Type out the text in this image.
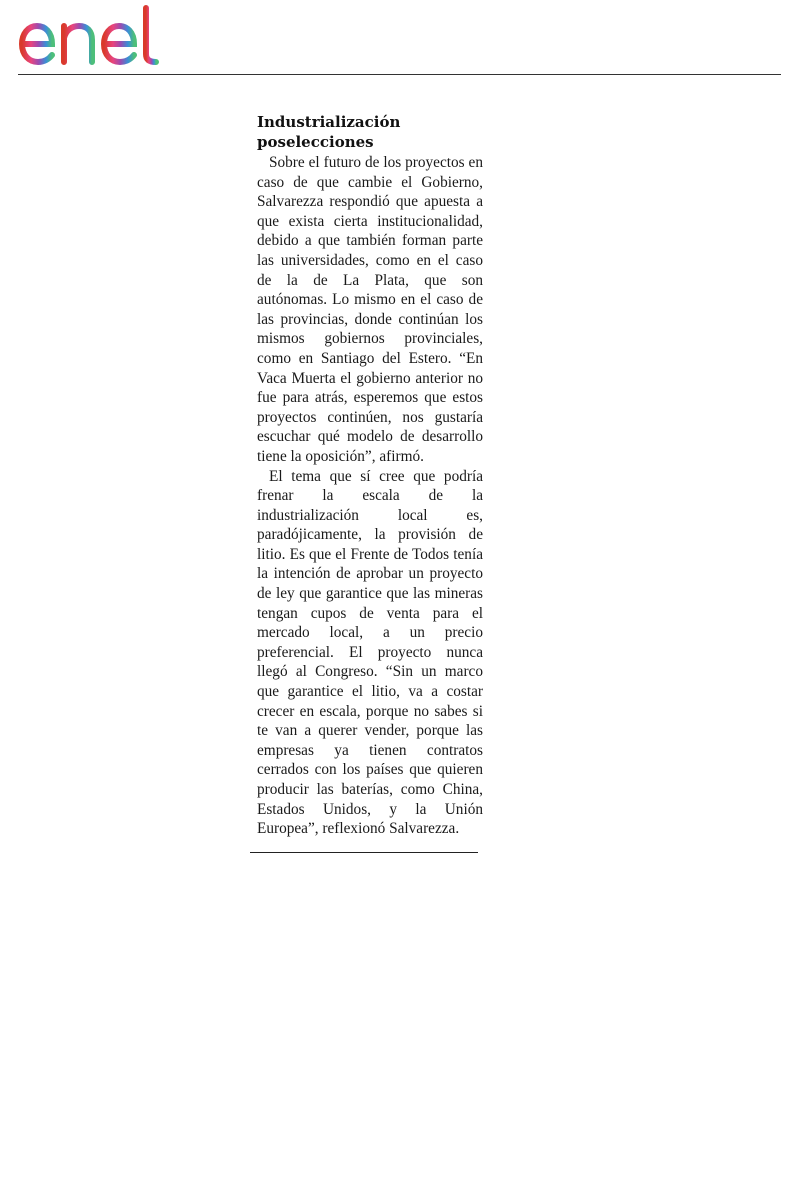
Industrialización poselecciones

Sobre el futuro de los proyectos en caso de que cambie el Gobierno, Salvarezza respondió que apuesta a que exista cierta institucionalidad, debido a que también forman parte las universidades, como en el caso de la de La Plata, que son autónomas. Lo mismo en el caso de las provincias, donde continúan los mismos gobiernos provinciales, como en Santiago del Estero. “En Vaca Muerta el gobierno anterior no fue para atrás, esperemos que estos proyectos continúen, nos gustaría escuchar qué modelo de desarrollo tiene la oposición”, afirmó.

El tema que sí cree que podría frenar la escala de la industrialización local es, paradójicamente, la provisión de litio. Es que el Frente de Todos tenía la intención de aprobar un proyecto de ley que garantice que las mineras tengan cupos de venta para el mercado local, a un precio preferencial. El proyecto nunca llegó al Congreso. “Sin un marco que garantice el litio, va a costar crecer en escala, porque no sabes si te van a querer vender, porque las empresas ya tienen contratos cerrados con los países que quieren producir las baterías, como China, Estados Unidos, y la Unión Europea”, reflexionó Salvarezza.
